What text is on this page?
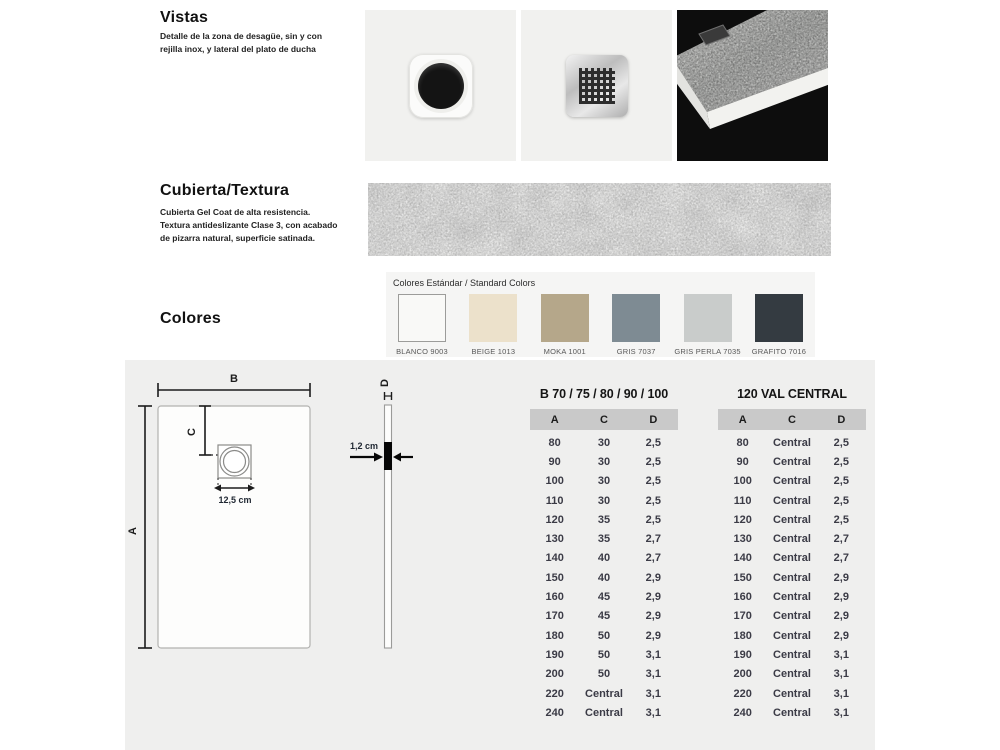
Vistas
Detalle de la zona de desagüe, sin y con rejilla inox, y lateral del plato de ducha
Cubierta/Textura
Cubierta Gel Coat de alta resistencia. Textura antideslizante Clase 3, con acabado de pizarra natural, superficie satinada.
Colores
Colores Estándar / Standard Colors
BLANCO 9003	BEIGE 1013	MOKA 1001	GRIS 7037	GRIS PERLA 7035 GRAFITO 7016
B
A
C
12,5 cm
D
1,2 cm
B 70 / 75 / 80 / 90 / 100
A	C	D
80	30	2,5
90	30	2,5
100	30	2,5
110	30	2,5
120	35	2,5
130	35	2,7
140	40	2,7
150	40	2,9
160	45	2,9
170	45	2,9
180	50	2,9
190	50	3,1
200	50	3,1
220	Central	3,1
240	Central	3,1
120 VAL CENTRAL
A	C	D
80	Central	2,5
90	Central	2,5
100	Central	2,5
110	Central	2,5
120	Central	2,5
130	Central	2,7
140	Central	2,7
150	Central	2,9
160	Central	2,9
170	Central	2,9
180	Central	2,9
190	Central	3,1
200	Central	3,1
220	Central	3,1
240	Central	3,1
